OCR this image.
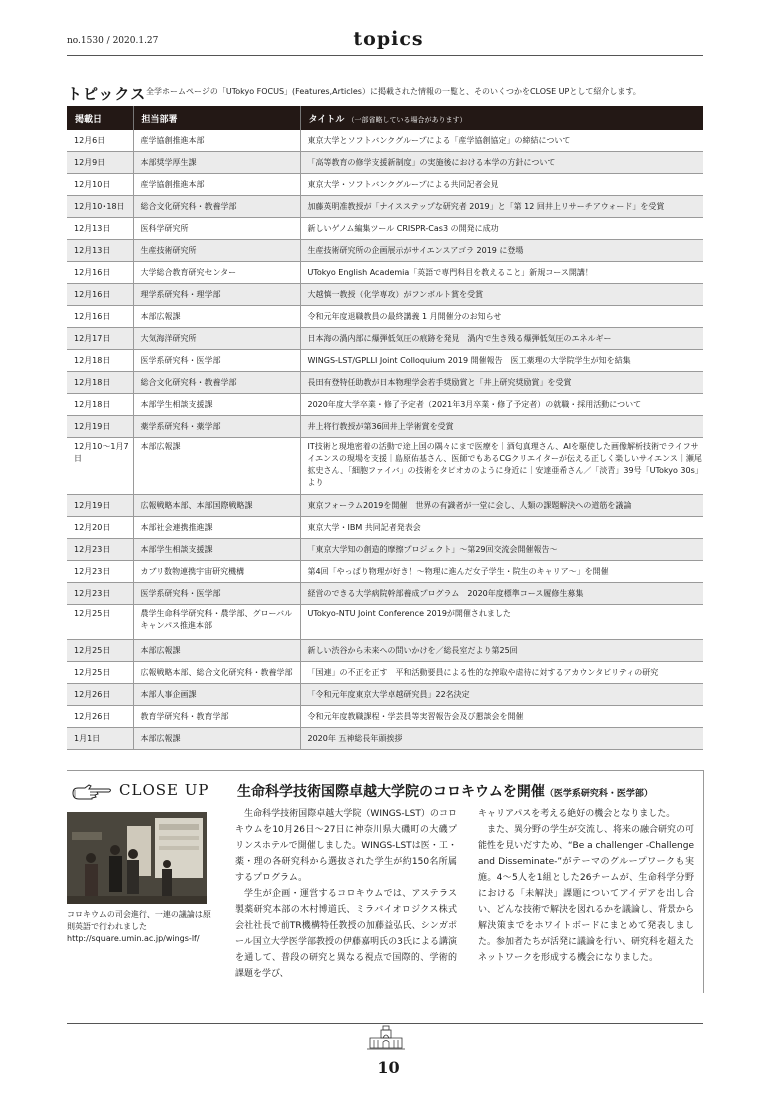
no.1530 / 2020.1.27	topics
トピックス 全学ホームページの「UTokyo FOCUS」(Features,Articles）に掲載された情報の一覧と、そのいくつかをCLOSE UPとして紹介します。
掲載日	担当部署	タイトル （一部省略している場合があります）
12月6日	産学協創推進本部	東京大学とソフトバンクグループによる「産学協創協定」の締結について
12月9日	本部奨学厚生課	「高等教育の修学支援新制度」の実施後における本学の方針について
12月10日	産学協創推進本部	東京大学・ソフトバンクグループによる共同記者会見
12月10･18日	総合文化研究科・教養学部	加藤英明准教授が「ナイスステップな研究者 2019」と「第 12 回井上リサーチアウォード」を受賞
12月13日	医科学研究所	新しいゲノム編集ツール CRISPR-Cas3 の開発に成功
12月13日	生産技術研究所	生産技術研究所の企画展示がサイエンスアゴラ 2019 に登場
12月16日	大学総合教育研究センター	UTokyo English Academia「英語で専門科目を教えること」新規コース開講！
12月16日	理学系研究科・理学部	大越慎一教授（化学専攻）がフンボルト賞を受賞
12月16日	本部広報課	令和元年度退職教員の最終講義 1 月開催分のお知らせ
12月17日	大気海洋研究所	日本海の渦内部に爆弾低気圧の痕跡を発見　渦内で生き残る爆弾低気圧のエネルギー
12月18日	医学系研究科・医学部	WINGS-LST/GPLLI Joint Colloquium 2019 開催報告　医工薬理の大学院学生が知を結集
12月18日	総合文化研究科・教養学部	長田有登特任助教が日本物理学会若手奨励賞と「井上研究奨励賞」を受賞
12月18日	本部学生相談支援課	2020年度大学卒業・修了予定者（2021年3月卒業・修了予定者）の就職・採用活動について
12月19日	薬学系研究科・薬学部	井上将行教授が第36回井上学術賞を受賞
12月10～1月7日	本部広報課	IT技術と現地密着の活動で途上国の隅々にまで医療を｜酒匂真理さん、AIを駆使した画像解析技術でライフサイエンスの現場を支援｜島原佑基さん、医師でもあるCGクリエイターが伝える正しく楽しいサイエンス｜瀬尾拡史さん、「細胞ファイバ」の技術をタピオカのように身近に｜安達亜希さん／「淡青」39号「UTokyo 30s」より
12月19日	広報戦略本部、本部国際戦略課	東京フォーラム2019を開催　世界の有識者が一堂に会し、人類の課題解決への道筋を議論
12月20日	本部社会連携推進課	東京大学・IBM 共同記者発表会
12月23日	本部学生相談支援課	「東京大学知の創造的摩擦プロジェクト」～第29回交流会開催報告～
12月23日	カブリ数物連携宇宙研究機構	第4回「やっぱり物理が好き！～物理に進んだ女子学生・院生のキャリア～」を開催
12月23日	医学系研究科・医学部	経営のできる大学病院幹部養成プログラム　2020年度標準コース履修生募集
12月25日	農学生命科学研究科・農学部、グローバルキャンパス推進本部	UTokyo-NTU Joint Conference 2019が開催されました
12月25日	本部広報課	新しい渋谷から未来への問いかけを／総長室だより第25回
12月25日	広報戦略本部、総合文化研究科・教養学部	「国連」の不正を正す　平和活動要員による性的な搾取や虐待に対するアカウンタビリティの研究
12月26日	本部人事企画課	「令和元年度東京大学卓越研究員」22名決定
12月26日	教育学研究科・教育学部	令和元年度教職課程・学芸員等実習報告会及び懇談会を開催
1月1日	本部広報課	2020年 五神総長年頭挨拶
CLOSE UP 生命科学技術国際卓越大学院のコロキウムを開催（医学系研究科・医学部）
コロキウムの司会進行、一連の議論は原則英語で行われました
http://square.umin.ac.jp/wings-lf/

生命科学技術国際卓越大学院（WINGS-LST）のコロキウムを10月26日～27日に神奈川県大磯町の大磯プリンスホテルで開催しました。WINGS-LSTは医・工・薬・理の各研究科から選抜された学生が約150名所属するプログラム。

学生が企画・運営するコロキウムでは、アステラス製薬研究本部の木村博道氏、ミラバイオロジクス株式会社社長で前TR機構特任教授の加藤益弘氏、シンガポール国立大学医学部教授の伊藤嘉明氏の3氏による講演を通して、普段の研究と異なる視点で国際的、学術的課題を学び、

キャリアパスを考える絶好の機会となりました。

また、異分野の学生が交流し、将来の融合研究の可能性を見いだすため、“Be a challenger -Challenge and Disseminate-”がテーマのグループワークも実施。4～5人を1組とした26チームが、生命科学分野における「未解決」課題についてアイデアを出し合い、どんな技術で解決を図れるかを議論し、背景から解決策までをホワイトボードにまとめて発表しました。参加者たちが活発に議論を行い、研究科を超えたネットワークを形成する機会になりました。

10
